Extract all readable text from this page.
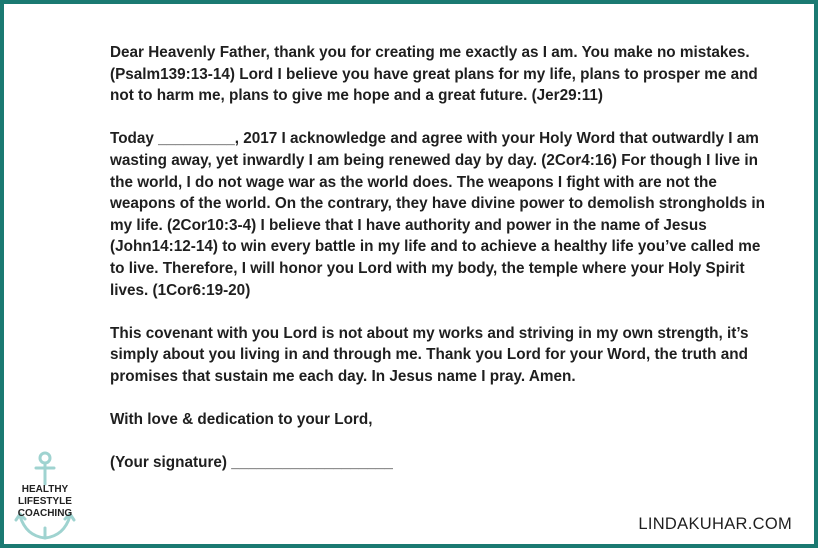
Dear Heavenly Father, thank you for creating me exactly as I am. You make no mistakes. (Psalm139:13-14) Lord I believe you have great plans for my life, plans to prosper me and not to harm me, plans to give me hope and a great future. (Jer29:11)

Today _________, 2017 I acknowledge and agree with your Holy Word that outwardly I am wasting away, yet inwardly I am being renewed day by day. (2Cor4:16) For though I live in the world, I do not wage war as the world does. The weapons I fight with are not the weapons of the world. On the contrary, they have divine power to demolish strongholds in my life. (2Cor10:3-4) I believe that I have authority and power in the name of Jesus (John14:12-14) to win every battle in my life and to achieve a healthy life you’ve called me to live. Therefore, I will honor you Lord with my body, the temple where your Holy Spirit lives. (1Cor6:19-20)

This covenant with you Lord is not about my works and striving in my own strength, it’s simply about you living in and through me. Thank you Lord for your Word, the truth and promises that sustain me each day. In Jesus name I pray. Amen.

With love & dedication to your Lord,

(Your signature) ___________________

HEALTHY
LIFESTYLE
COACHING
LINDAKUHAR.COM
